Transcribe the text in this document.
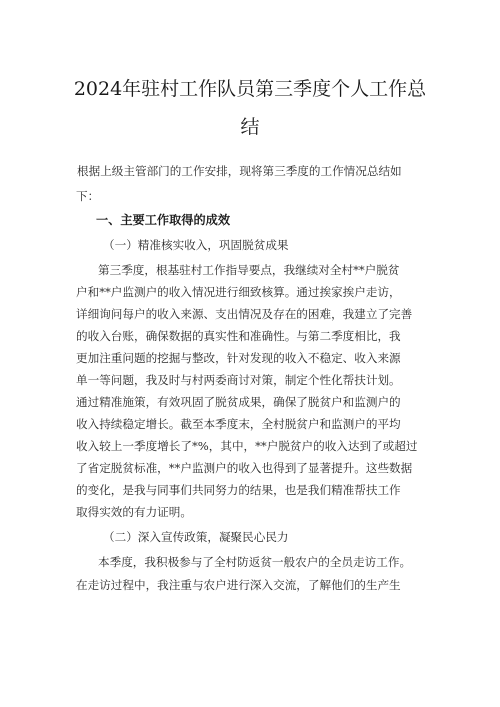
2024年驻村工作队员第三季度个人工作总
结
根据上级主管部门的工作安排，现将第三季度的工作情况总结如
下：
一、主要工作取得的成效
（一）精准核实收入，巩固脱贫成果
第三季度，根基驻村工作指导要点，我继续对全村**户脱贫
户和**户监测户的收入情况进行细致核算。通过挨家挨户走访，
详细询问每户的收入来源、支出情况及存在的困难，我建立了完善
的收入台账，确保数据的真实性和准确性。与第二季度相比，我
更加注重问题的挖掘与整改，针对发现的收入不稳定、收入来源
单一等问题，我及时与村两委商讨对策，制定个性化帮扶计划。
通过精准施策，有效巩固了脱贫成果，确保了脱贫户和监测户的
收入持续稳定增长。截至本季度末，全村脱贫户和监测户的平均
收入较上一季度增长了*%，其中，**户脱贫户的收入达到了或超过
了省定脱贫标准，**户监测户的收入也得到了显著提升。这些数据
的变化，是我与同事们共同努力的结果，也是我们精准帮扶工作
取得实效的有力证明。
（二）深入宣传政策，凝聚民心民力
本季度，我积极参与了全村防返贫一般农户的全员走访工作。
在走访过程中，我注重与农户进行深入交流，了解他们的生产生
